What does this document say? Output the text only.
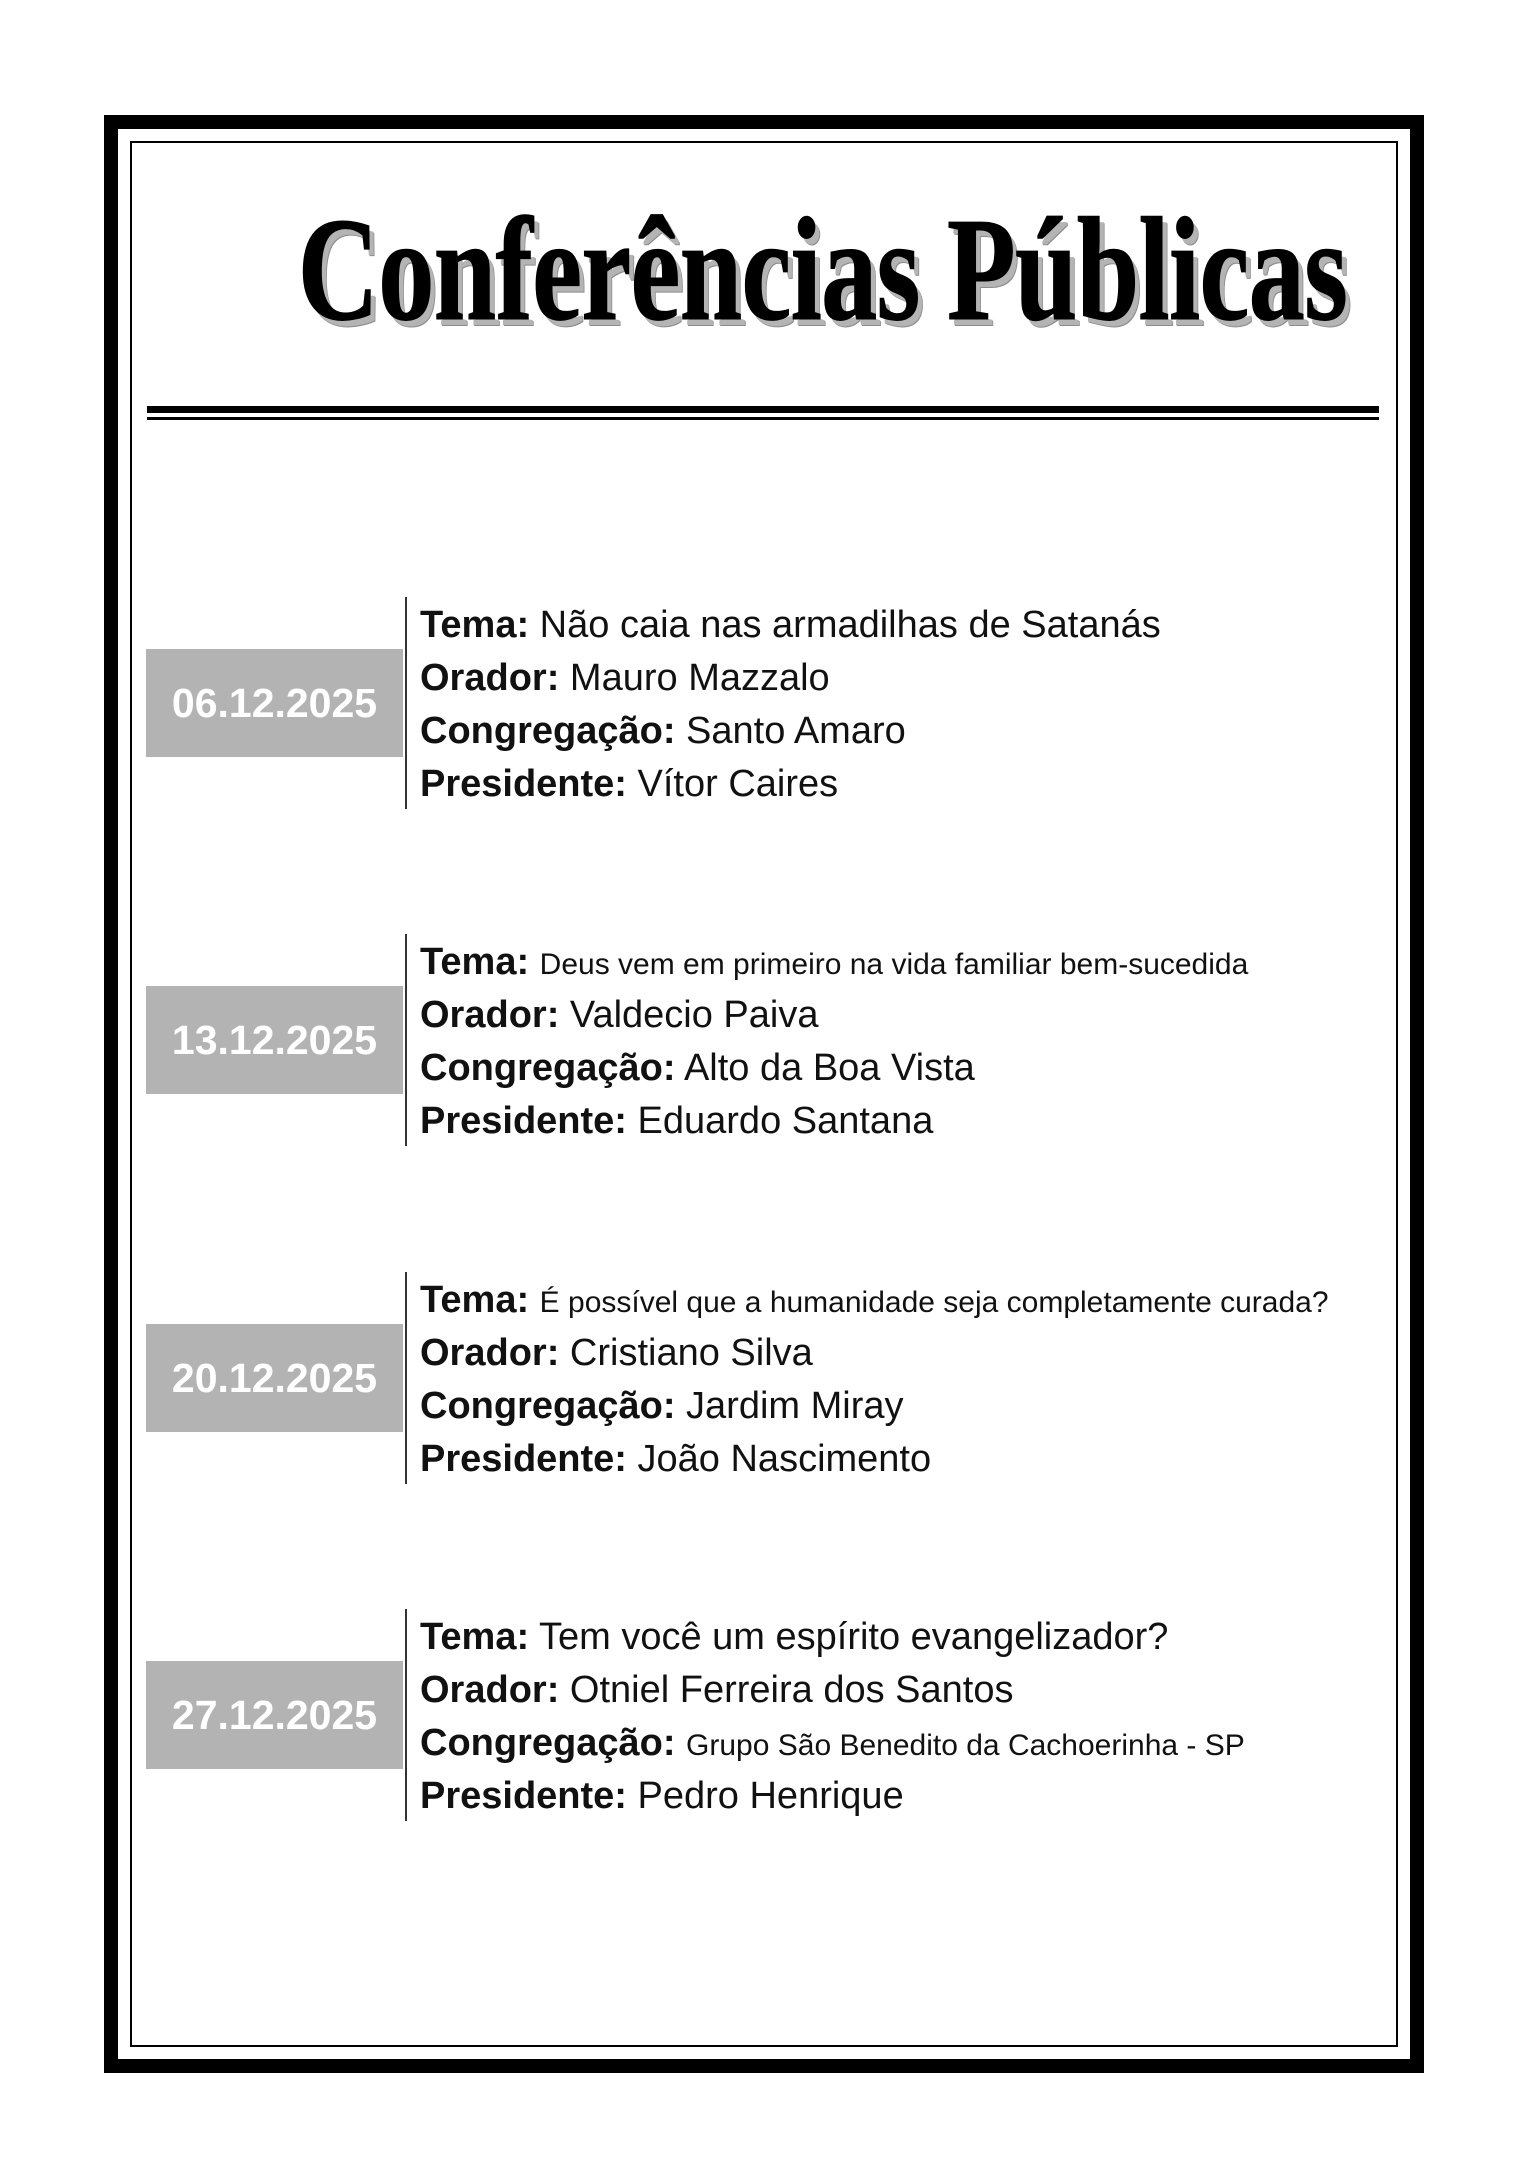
Conferências Públicas
06.12.2025
Tema: Não caia nas armadilhas de Satanás
Orador: Mauro Mazzalo
Congregação: Santo Amaro
Presidente: Vítor Caires
13.12.2025
Tema: Deus vem em primeiro na vida familiar bem-sucedida
Orador: Valdecio Paiva
Congregação: Alto da Boa Vista
Presidente: Eduardo Santana
20.12.2025
Tema: É possível que a humanidade seja completamente curada?
Orador: Cristiano Silva
Congregação: Jardim Miray
Presidente: João Nascimento
27.12.2025
Tema: Tem você um espírito evangelizador?
Orador: Otniel Ferreira dos Santos
Congregação: Grupo São Benedito da Cachoerinha - SP
Presidente: Pedro Henrique
